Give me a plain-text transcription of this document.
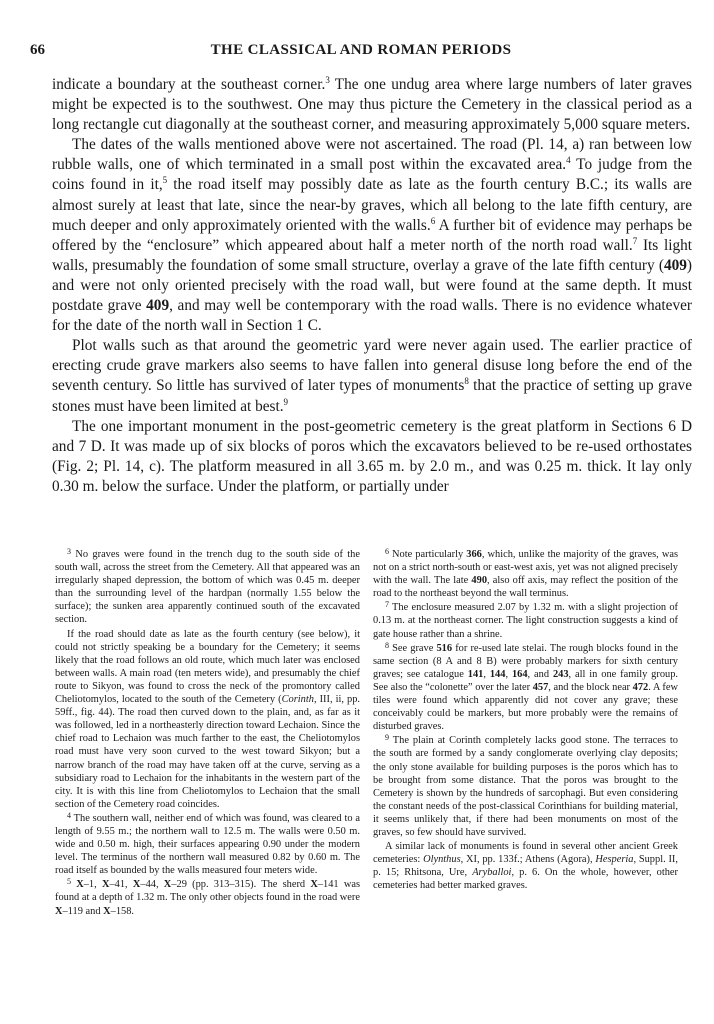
66	THE CLASSICAL AND ROMAN PERIODS

indicate a boundary at the southeast corner.$^3$ The one undug area where large numbers of later graves might be expected is to the southwest. One may thus picture the Cemetery in the classical period as a long rectangle cut diagonally at the southeast corner, and measuring approximately 5,000 square meters.

The dates of the walls mentioned above were not ascertained. The road (Pl. 14, a) ran between low rubble walls, one of which terminated in a small post within the excavated area.$^4$ To judge from the coins found in it,$^5$ the road itself may possibly date as late as the fourth century B.C.; its walls are almost surely at least that late, since the near-by graves, which all belong to the late fifth century, are much deeper and only approximately oriented with the walls.$^6$ A further bit of evidence may perhaps be offered by the “enclosure” which appeared about half a meter north of the north road wall.$^7$ Its light walls, presumably the foundation of some small structure, overlay a grave of the late fifth century (409) and were not only oriented precisely with the road wall, but were found at the same depth. It must postdate grave 409, and may well be contemporary with the road walls. There is no evidence whatever for the date of the north wall in Section 1 C.

Plot walls such as that around the geometric yard were never again used. The earlier practice of erecting crude grave markers also seems to have fallen into general disuse long before the end of the seventh century. So little has survived of later types of monuments$^8$ that the practice of setting up grave stones must have been limited at best.$^9$

The one important monument in the post-geometric cemetery is the great platform in Sections 6 D and 7 D. It was made up of six blocks of poros which the excavators believed to be re-used orthostates (Fig. 2; Pl. 14, c). The platform measured in all 3.65 m. by 2.0 m., and was 0.25 m. thick. It lay only 0.30 m. below the surface. Under the platform, or partially under

$^3$ No graves were found in the trench dug to the south side of the south wall, across the street from the Cemetery. All that appeared was an irregularly shaped depression, the bottom of which was 0.45 m. deeper than the surrounding level of the hardpan (normally 1.55 below the surface); the sunken area apparently continued south of the excavated section.

If the road should date as late as the fourth century (see below), it could not strictly speaking be a boundary for the Cemetery; it seems likely that the road follows an old route, which much later was enclosed between walls. A main road (ten meters wide), and presumably the chief route to Sikyon, was found to cross the neck of the promontory called Cheliotomylos, located to the south of the Cemetery (Corinth, III, ii, pp. 59ff., fig. 44). The road then curved down to the plain, and, as far as it was followed, led in a northeasterly direction toward Lechaion. Since the chief road to Lechaion was much farther to the east, the Cheliotomylos road must have very soon curved to the west toward Sikyon; but a narrow branch of the road may have taken off at the curve, serving as a subsidiary road to Lechaion for the inhabitants in the western part of the city. It is with this line from Cheliotomylos to Lechaion that the small section of the Cemetery road coincides.

$^4$ The southern wall, neither end of which was found, was cleared to a length of 9.55 m.; the northern wall to 12.5 m. The walls were 0.50 m. wide and 0.50 m. high, their surfaces appearing 0.90 under the modern level. The terminus of the northern wall measured 0.82 by 0.60 m. The road itself as bounded by the walls measured four meters wide.

$^5$ X–1, X–41, X–44, X–29 (pp. 313–315). The sherd X–141 was found at a depth of 1.32 m. The only other objects found in the road were X–119 and X–158.

$^6$ Note particularly 366, which, unlike the majority of the graves, was not on a strict north-south or east-west axis, yet was not aligned precisely with the wall. The late 490, also off axis, may reflect the position of the road to the northeast beyond the wall terminus.

$^7$ The enclosure measured 2.07 by 1.32 m. with a slight projection of 0.13 m. at the northeast corner. The light construction suggests a kind of gate house rather than a shrine.

$^8$ See grave 516 for re-used late stelai. The rough blocks found in the same section (8 A and 8 B) were probably markers for sixth century graves; see catalogue 141, 144, 164, and 243, all in one family group. See also the “colonette” over the later 457, and the block near 472. A few tiles were found which apparently did not cover any grave; these conceivably could be markers, but more probably were the remains of disturbed graves.

$^9$ The plain at Corinth completely lacks good stone. The terraces to the south are formed by a sandy conglomerate overlying clay deposits; the only stone available for building purposes is the poros which has to be brought from some distance. That the poros was brought to the Cemetery is shown by the hundreds of sarcophagi. But even considering the constant needs of the post-classical Corinthians for building material, it seems unlikely that, if there had been monuments on most of the graves, so few should have survived.

A similar lack of monuments is found in several other ancient Greek cemeteries: Olynthus, XI, pp. 133f.; Athens (Agora), Hesperia, Suppl. II, p. 15; Rhitsona, Ure, Aryballoi, p. 6. On the whole, however, other cemeteries had better marked graves.
